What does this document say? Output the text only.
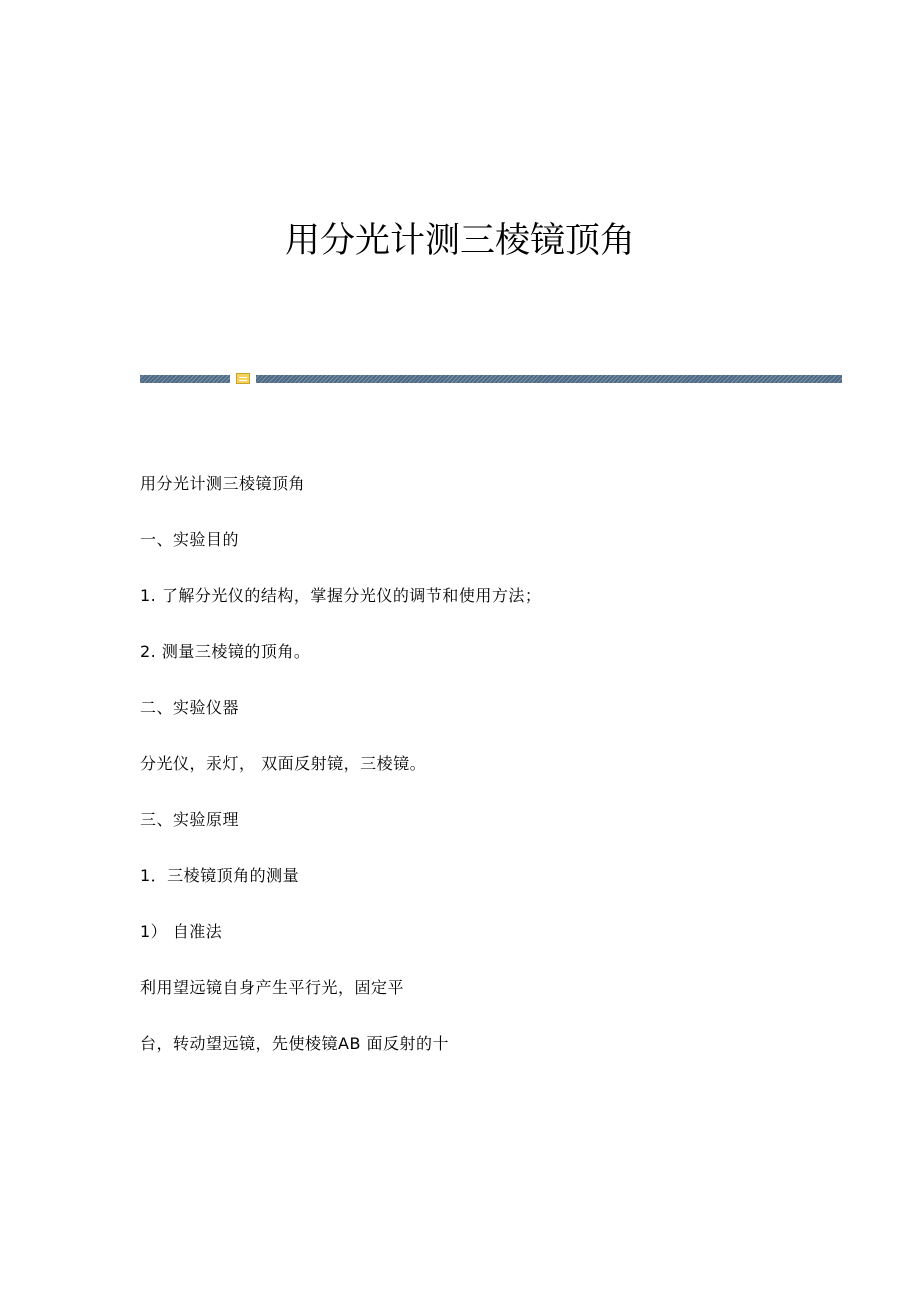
用分光计测三棱镜顶角

用分光计测三棱镜顶角

一、实验目的

1. 了解分光仪的结构，掌握分光仪的调节和使用方法；

2. 测量三棱镜的顶角。

二、实验仪器

分光仪，汞灯， 双面反射镜，三棱镜。

三、实验原理

1．三棱镜顶角的测量

1） 自准法

利用望远镜自身产生平行光，固定平

台，转动望远镜，先使棱镜AB 面反射的十
